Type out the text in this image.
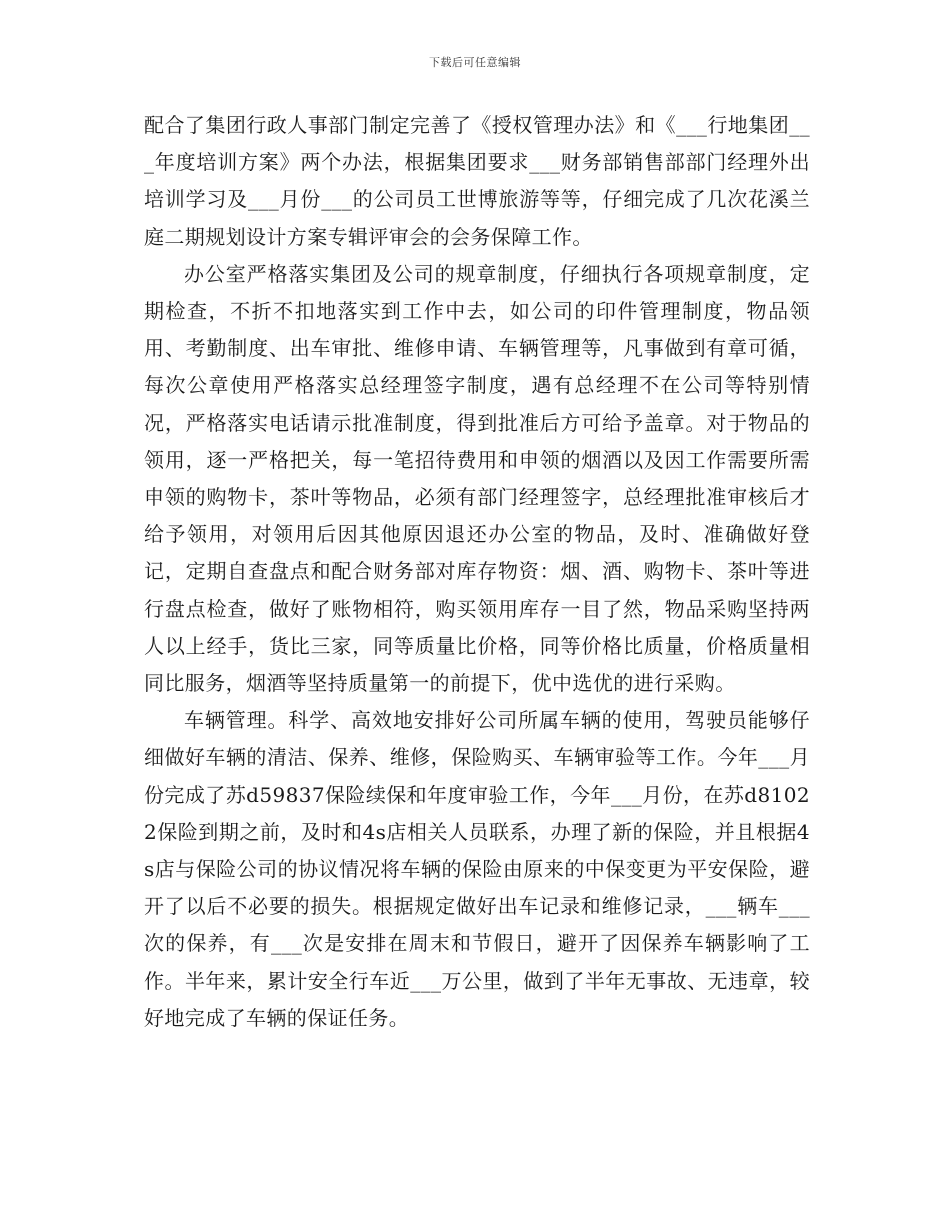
下载后可任意编辑

配合了集团行政人事部门制定完善了《授权管理办法》和《___行地集团___年度培训方案》两个办法，根据集团要求___财务部销售部部门经理外出培训学习及___月份___的公司员工世博旅游等等，仔细完成了几次花溪兰庭二期规划设计方案专辑评审会的会务保障工作。

办公室严格落实集团及公司的规章制度，仔细执行各项规章制度，定期检查，不折不扣地落实到工作中去，如公司的印件管理制度，物品领用、考勤制度、出车审批、维修申请、车辆管理等，凡事做到有章可循，每次公章使用严格落实总经理签字制度，遇有总经理不在公司等特别情况，严格落实电话请示批准制度，得到批准后方可给予盖章。对于物品的领用，逐一严格把关，每一笔招待费用和申领的烟酒以及因工作需要所需申领的购物卡，茶叶等物品，必须有部门经理签字，总经理批准审核后才给予领用，对领用后因其他原因退还办公室的物品，及时、准确做好登记，定期自查盘点和配合财务部对库存物资：烟、酒、购物卡、茶叶等进行盘点检查，做好了账物相符，购买领用库存一目了然，物品采购坚持两人以上经手，货比三家，同等质量比价格，同等价格比质量，价格质量相同比服务，烟酒等坚持质量第一的前提下，优中选优的进行采购。

车辆管理。科学、高效地安排好公司所属车辆的使用，驾驶员能够仔细做好车辆的清洁、保养、维修，保险购买、车辆审验等工作。今年___月份完成了苏d59837保险续保和年度审验工作，今年___月份，在苏d81022保险到期之前，及时和4s店相关人员联系，办理了新的保险，并且根据4s店与保险公司的协议情况将车辆的保险由原来的中保变更为平安保险，避开了以后不必要的损失。根据规定做好出车记录和维修记录，___辆车___次的保养，有___次是安排在周末和节假日，避开了因保养车辆影响了工作。半年来，累计安全行车近___万公里，做到了半年无事故、无违章，较好地完成了车辆的保证任务。
